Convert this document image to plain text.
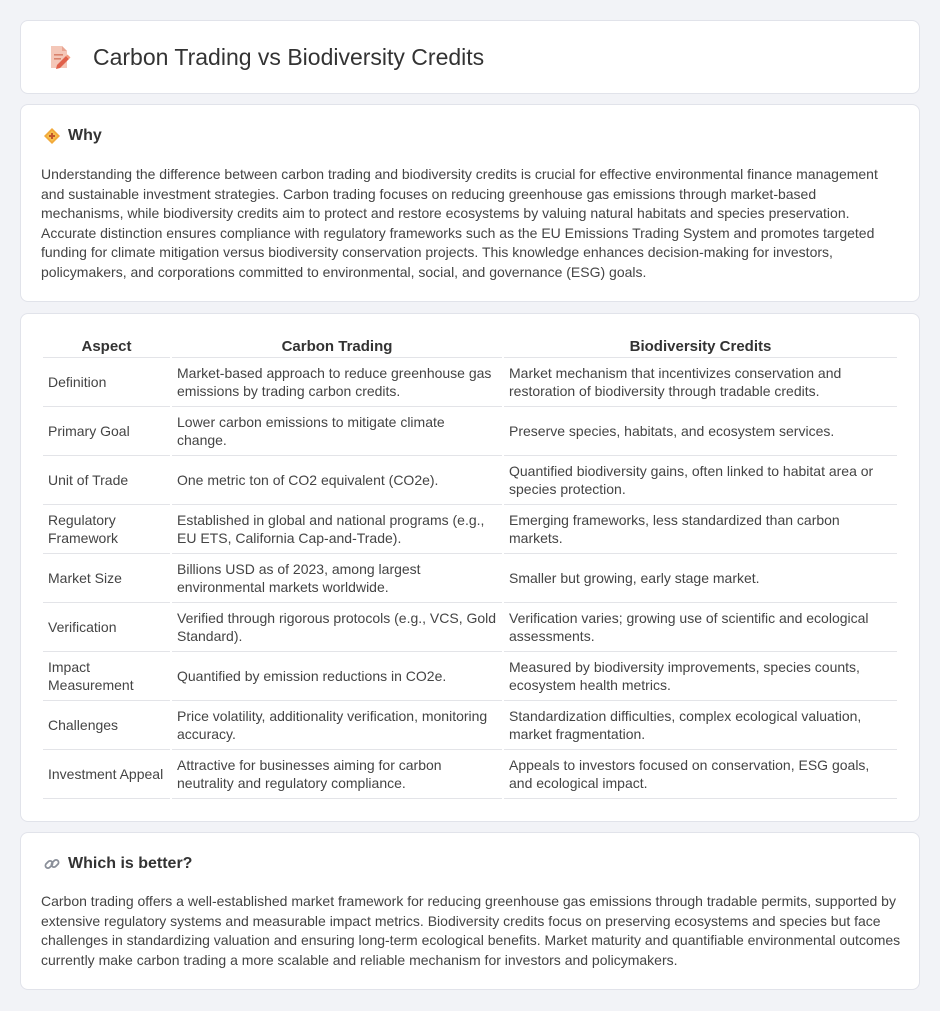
Carbon Trading vs Biodiversity Credits
Why

Understanding the difference between carbon trading and biodiversity credits is crucial for effective environmental finance management and sustainable investment strategies. Carbon trading focuses on reducing greenhouse gas emissions through market-based mechanisms, while biodiversity credits aim to protect and restore ecosystems by valuing natural habitats and species preservation. Accurate distinction ensures compliance with regulatory frameworks such as the EU Emissions Trading System and promotes targeted funding for climate mitigation versus biodiversity conservation projects. This knowledge enhances decision-making for investors, policymakers, and corporations committed to environmental, social, and governance (ESG) goals.

Aspect	Carbon Trading	Biodiversity Credits
Definition	Market-based approach to reduce greenhouse gas emissions by trading carbon credits.	Market mechanism that incentivizes conservation and restoration of biodiversity through tradable credits.
Primary Goal	Lower carbon emissions to mitigate climate change.	Preserve species, habitats, and ecosystem services.
Unit of Trade	One metric ton of CO2 equivalent (CO2e).	Quantified biodiversity gains, often linked to habitat area or species protection.
Regulatory Framework	Established in global and national programs (e.g., EU ETS, California Cap-and-Trade).	Emerging frameworks, less standardized than carbon markets.
Market Size	Billions USD as of 2023, among largest environmental markets worldwide.	Smaller but growing, early stage market.
Verification	Verified through rigorous protocols (e.g., VCS, Gold Standard).	Verification varies; growing use of scientific and ecological assessments.
Impact Measurement	Quantified by emission reductions in CO2e.	Measured by biodiversity improvements, species counts, ecosystem health metrics.
Challenges	Price volatility, additionality verification, monitoring accuracy.	Standardization difficulties, complex ecological valuation, market fragmentation.
Investment Appeal	Attractive for businesses aiming for carbon neutrality and regulatory compliance.	Appeals to investors focused on conservation, ESG goals, and ecological impact.
Which is better?

Carbon trading offers a well-established market framework for reducing greenhouse gas emissions through tradable permits, supported by extensive regulatory systems and measurable impact metrics. Biodiversity credits focus on preserving ecosystems and species but face challenges in standardizing valuation and ensuring long-term ecological benefits. Market maturity and quantifiable environmental outcomes currently make carbon trading a more scalable and reliable mechanism for investors and policymakers.
